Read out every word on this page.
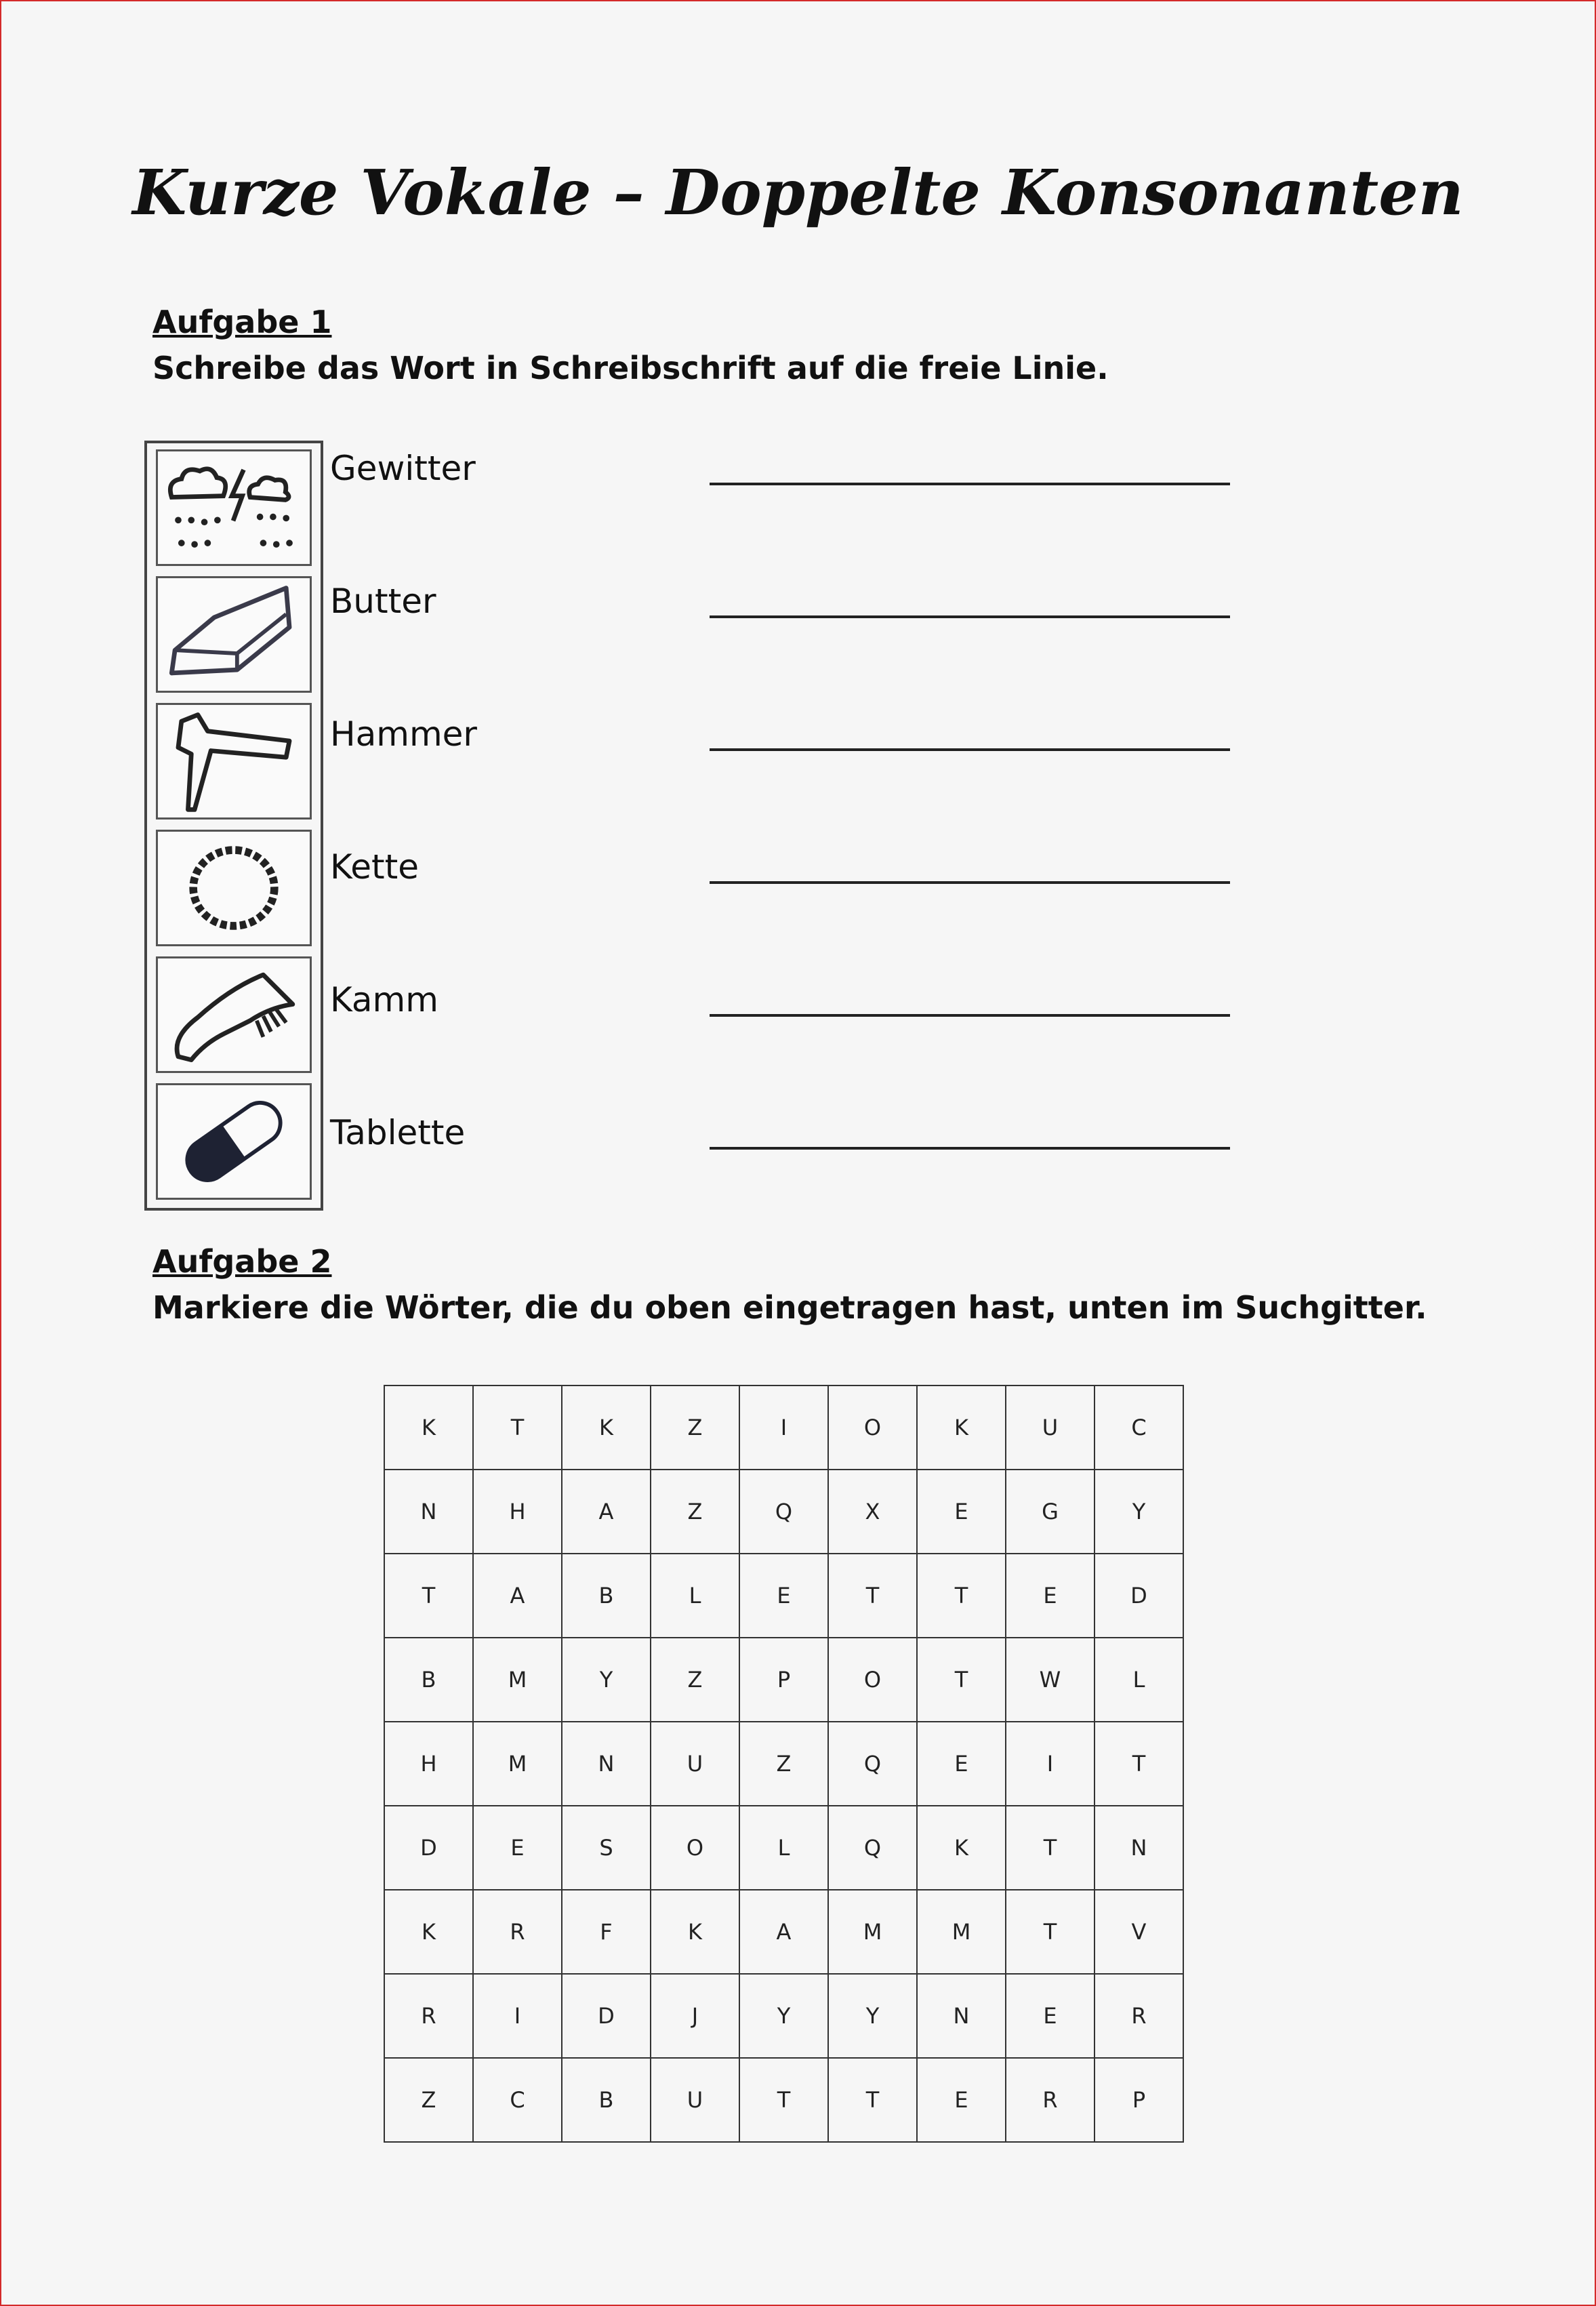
Kurze Vokale – Doppelte Konsonanten
Aufgabe 1
Schreibe das Wort in Schreibschrift auf die freie Linie.
Gewitter
Butter
Hammer
Kette
Kamm
Tablette
Aufgabe 2
Markiere die Wörter, die du oben eingetragen hast, unten im Suchgitter.
K	T	K	Z	I	O	K	U	C
N	H	A	Z	Q	X	E	G	Y
T	A	B	L	E	T	T	E	D
B	M	Y	Z	P	O	T	W	L
H	M	N	U	Z	Q	E	I	T
D	E	S	O	L	Q	K	T	N
K	R	F	K	A	M	M	T	V
R	I	D	J	Y	Y	N	E	R
Z	C	B	U	T	T	E	R	P
